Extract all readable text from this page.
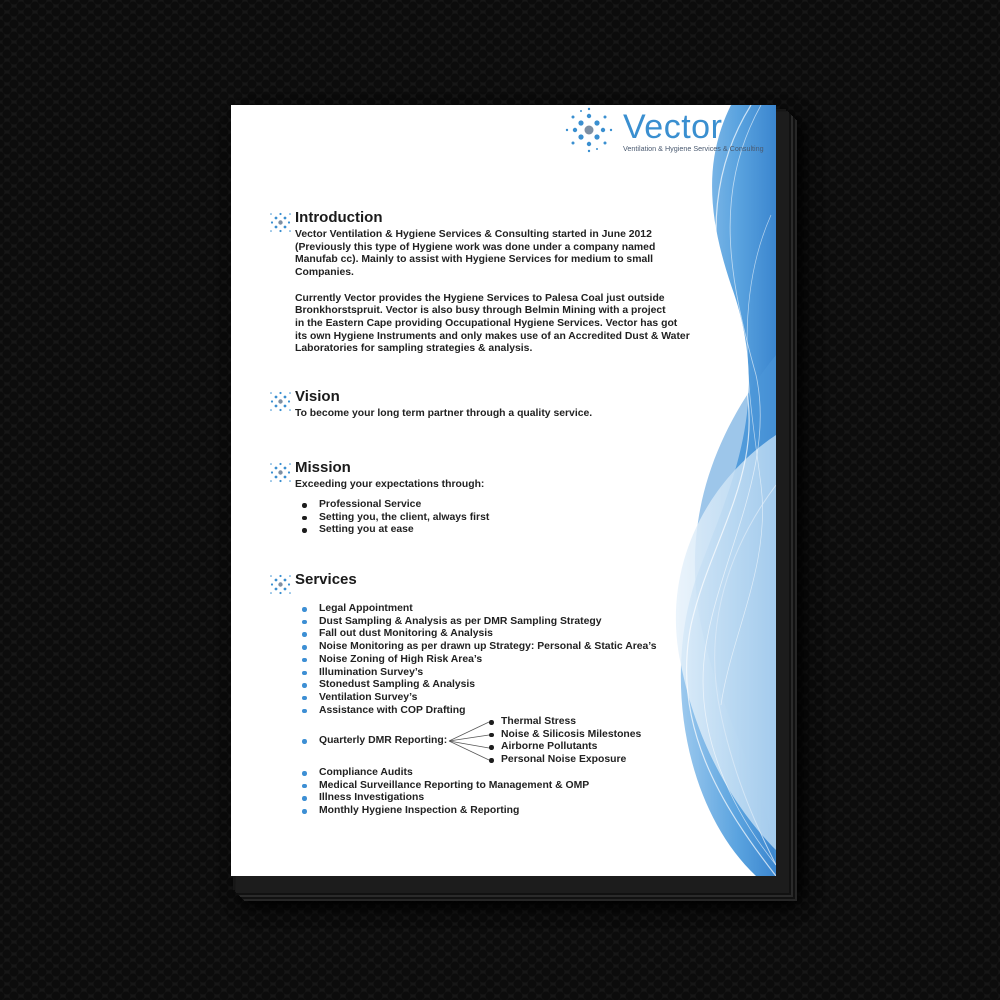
Vector
Ventilation & Hygiene Services & Consulting
Introduction
Vector Ventilation & Hygiene Services & Consulting started in June 2012
(Previously this type of Hygiene work was done under a company named
Manufab cc). Mainly to assist with Hygiene Services for medium to small
Companies.
Currently Vector provides the Hygiene Services to Palesa Coal just outside
Bronkhorstspruit. Vector is also busy through Belmin Mining with a project
in the Eastern Cape providing Occupational Hygiene Services. Vector has got
its own Hygiene Instruments and only makes use of an Accredited Dust & Water
Laboratories for sampling strategies & analysis.
Vision
To become your long term partner through a quality service.
Mission
Exceeding your expectations through:
Professional Service
Setting you, the client, always first
Setting you at ease
Services
Legal Appointment
Dust Sampling & Analysis as per DMR Sampling Strategy
Fall out dust Monitoring & Analysis
Noise Monitoring as per drawn up Strategy: Personal & Static Area’s
Noise Zoning of High Risk Area’s
Illumination Survey’s
Stonedust Sampling & Analysis
Ventilation Survey’s
Assistance with COP Drafting
Quarterly DMR Reporting:
Thermal Stress
Noise & Silicosis Milestones
Airborne Pollutants
Personal Noise Exposure
Compliance Audits
Medical Surveillance Reporting to Management & OMP
Illness Investigations
Monthly Hygiene Inspection & Reporting
